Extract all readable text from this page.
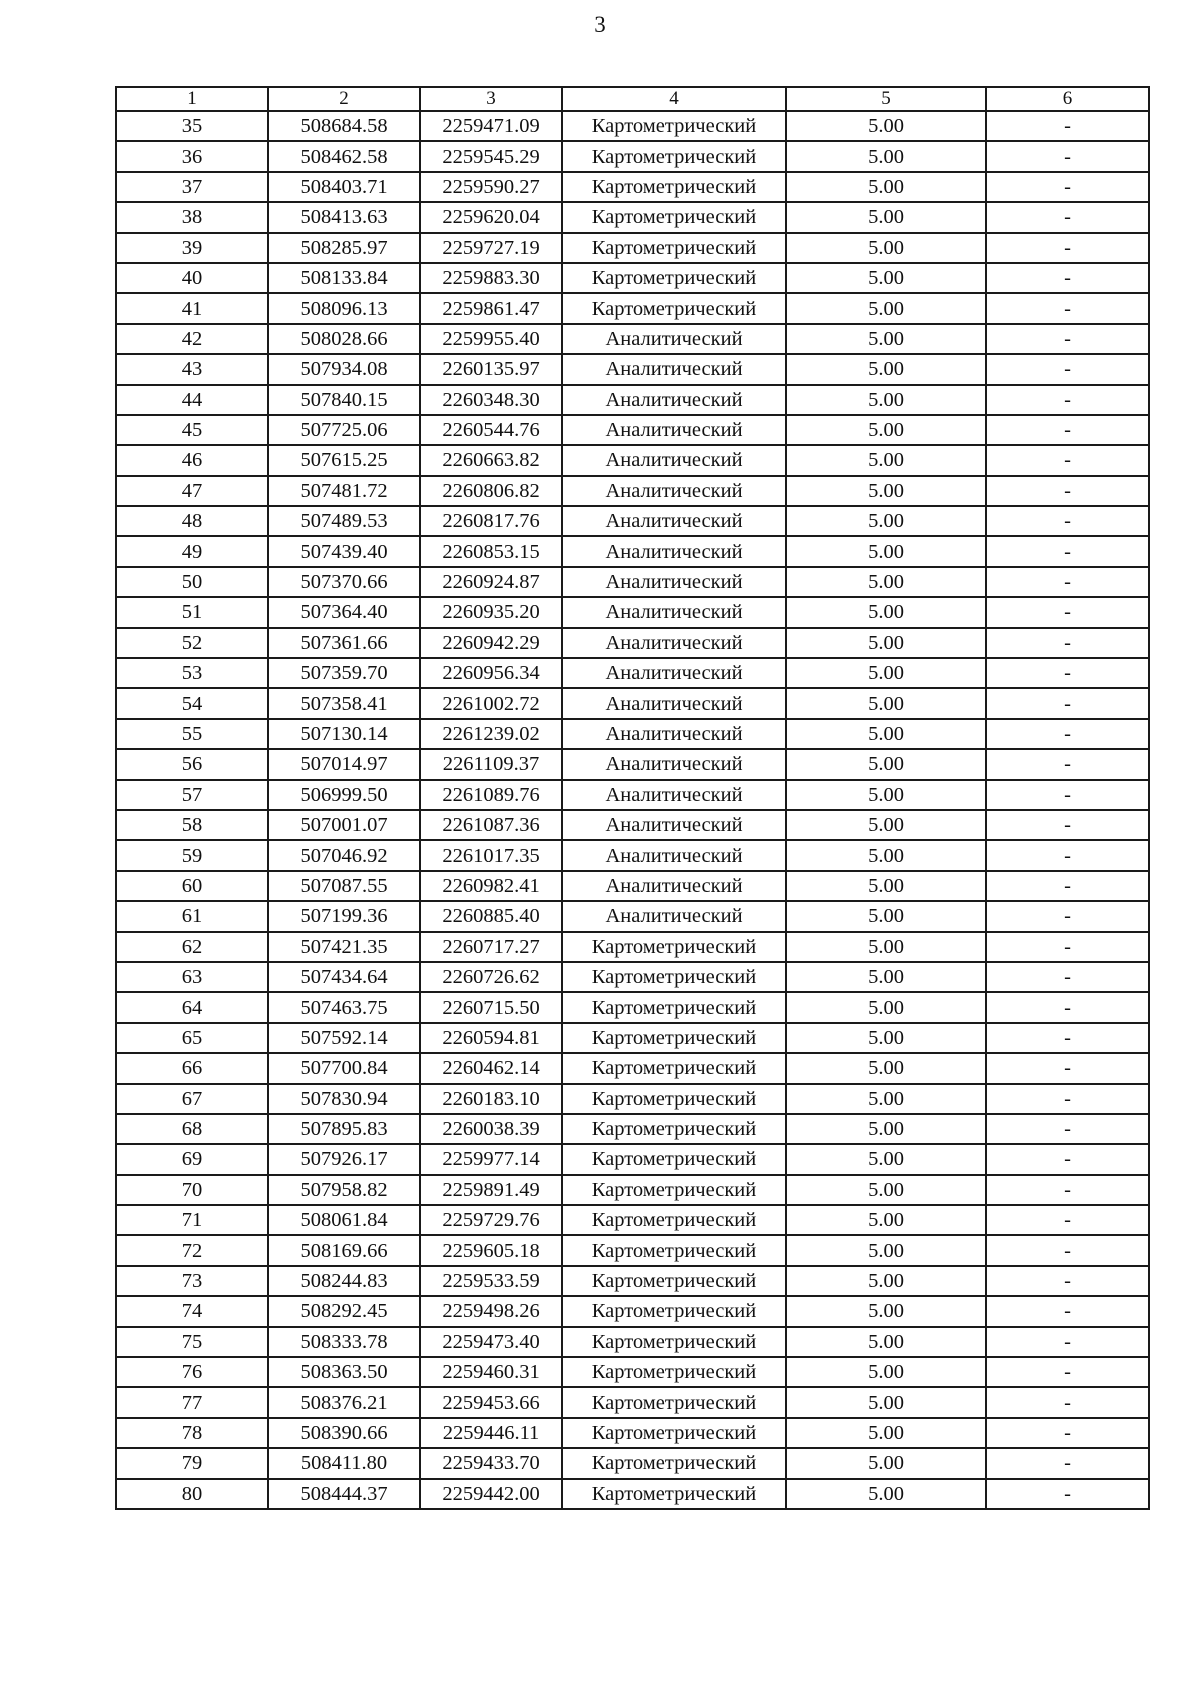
3
1	2	3	4	5	6
35	508684.58	2259471.09	Картометрический	5.00	-
36	508462.58	2259545.29	Картометрический	5.00	-
37	508403.71	2259590.27	Картометрический	5.00	-
38	508413.63	2259620.04	Картометрический	5.00	-
39	508285.97	2259727.19	Картометрический	5.00	-
40	508133.84	2259883.30	Картометрический	5.00	-
41	508096.13	2259861.47	Картометрический	5.00	-
42	508028.66	2259955.40	Аналитический	5.00	-
43	507934.08	2260135.97	Аналитический	5.00	-
44	507840.15	2260348.30	Аналитический	5.00	-
45	507725.06	2260544.76	Аналитический	5.00	-
46	507615.25	2260663.82	Аналитический	5.00	-
47	507481.72	2260806.82	Аналитический	5.00	-
48	507489.53	2260817.76	Аналитический	5.00	-
49	507439.40	2260853.15	Аналитический	5.00	-
50	507370.66	2260924.87	Аналитический	5.00	-
51	507364.40	2260935.20	Аналитический	5.00	-
52	507361.66	2260942.29	Аналитический	5.00	-
53	507359.70	2260956.34	Аналитический	5.00	-
54	507358.41	2261002.72	Аналитический	5.00	-
55	507130.14	2261239.02	Аналитический	5.00	-
56	507014.97	2261109.37	Аналитический	5.00	-
57	506999.50	2261089.76	Аналитический	5.00	-
58	507001.07	2261087.36	Аналитический	5.00	-
59	507046.92	2261017.35	Аналитический	5.00	-
60	507087.55	2260982.41	Аналитический	5.00	-
61	507199.36	2260885.40	Аналитический	5.00	-
62	507421.35	2260717.27	Картометрический	5.00	-
63	507434.64	2260726.62	Картометрический	5.00	-
64	507463.75	2260715.50	Картометрический	5.00	-
65	507592.14	2260594.81	Картометрический	5.00	-
66	507700.84	2260462.14	Картометрический	5.00	-
67	507830.94	2260183.10	Картометрический	5.00	-
68	507895.83	2260038.39	Картометрический	5.00	-
69	507926.17	2259977.14	Картометрический	5.00	-
70	507958.82	2259891.49	Картометрический	5.00	-
71	508061.84	2259729.76	Картометрический	5.00	-
72	508169.66	2259605.18	Картометрический	5.00	-
73	508244.83	2259533.59	Картометрический	5.00	-
74	508292.45	2259498.26	Картометрический	5.00	-
75	508333.78	2259473.40	Картометрический	5.00	-
76	508363.50	2259460.31	Картометрический	5.00	-
77	508376.21	2259453.66	Картометрический	5.00	-
78	508390.66	2259446.11	Картометрический	5.00	-
79	508411.80	2259433.70	Картометрический	5.00	-
80	508444.37	2259442.00	Картометрический	5.00	-
